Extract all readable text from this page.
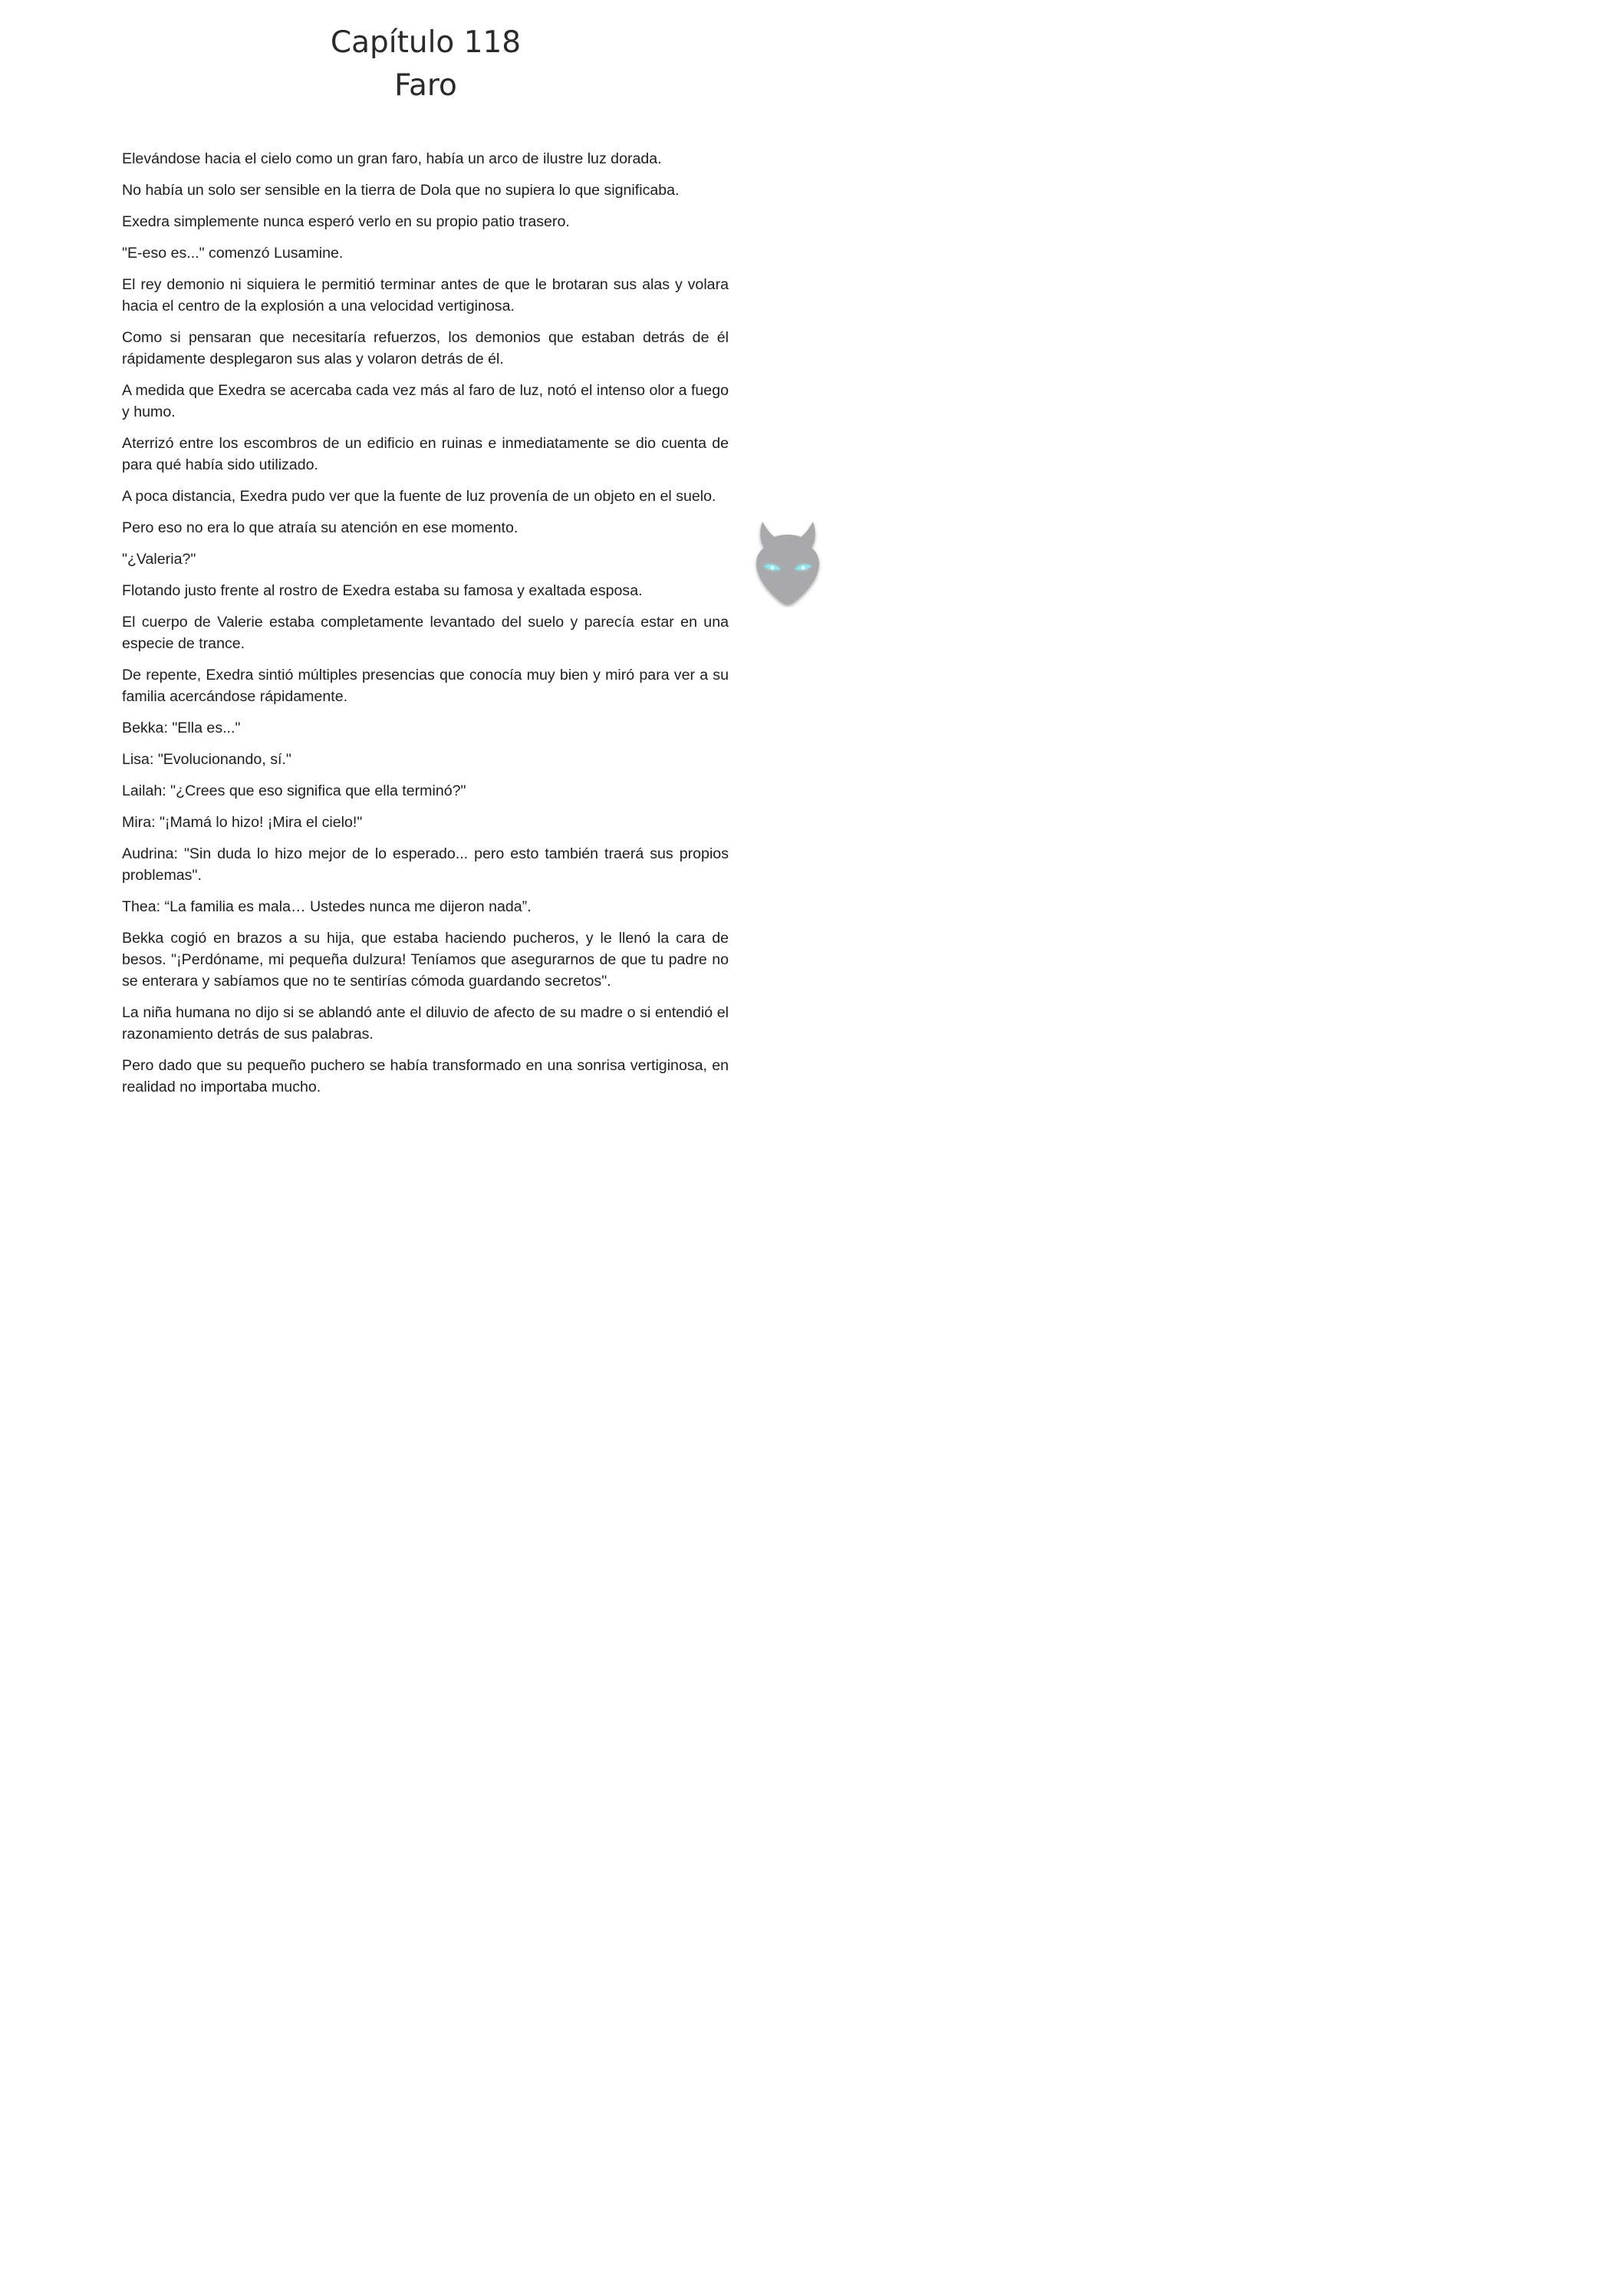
Capítulo 118
Faro

Elevándose hacia el cielo como un gran faro, había un arco de ilustre luz dorada.

No había un solo ser sensible en la tierra de Dola que no supiera lo que significaba.

Exedra simplemente nunca esperó verlo en su propio patio trasero.

"E-eso es..." comenzó Lusamine.

El rey demonio ni siquiera le permitió terminar antes de que le brotaran sus alas y volara hacia el centro de la explosión a una velocidad vertiginosa.

Como si pensaran que necesitaría refuerzos, los demonios que estaban detrás de él rápidamente desplegaron sus alas y volaron detrás de él.

A medida que Exedra se acercaba cada vez más al faro de luz, notó el intenso olor a fuego y humo.

Aterrizó entre los escombros de un edificio en ruinas e inmediatamente se dio cuenta de para qué había sido utilizado.

A poca distancia, Exedra pudo ver que la fuente de luz provenía de un objeto en el suelo.

Pero eso no era lo que atraía su atención en ese momento.

"¿Valeria?"

Flotando justo frente al rostro de Exedra estaba su famosa y exaltada esposa.

El cuerpo de Valerie estaba completamente levantado del suelo y parecía estar en una especie de trance.

De repente, Exedra sintió múltiples presencias que conocía muy bien y miró para ver a su familia acercándose rápidamente.

Bekka: "Ella es..."

Lisa: "Evolucionando, sí."

Lailah: "¿Crees que eso significa que ella terminó?"

Mira: "¡Mamá lo hizo! ¡Mira el cielo!"

Audrina: "Sin duda lo hizo mejor de lo esperado... pero esto también traerá sus propios problemas".

Thea: “La familia es mala… Ustedes nunca me dijeron nada”.

Bekka cogió en brazos a su hija, que estaba haciendo pucheros, y le llenó la cara de besos. "¡Perdóname, mi pequeña dulzura! Teníamos que asegurarnos de que tu padre no se enterara y sabíamos que no te sentirías cómoda guardando secretos".

La niña humana no dijo si se ablandó ante el diluvio de afecto de su madre o si entendió el razonamiento detrás de sus palabras.

Pero dado que su pequeño puchero se había transformado en una sonrisa vertiginosa, en realidad no importaba mucho.
